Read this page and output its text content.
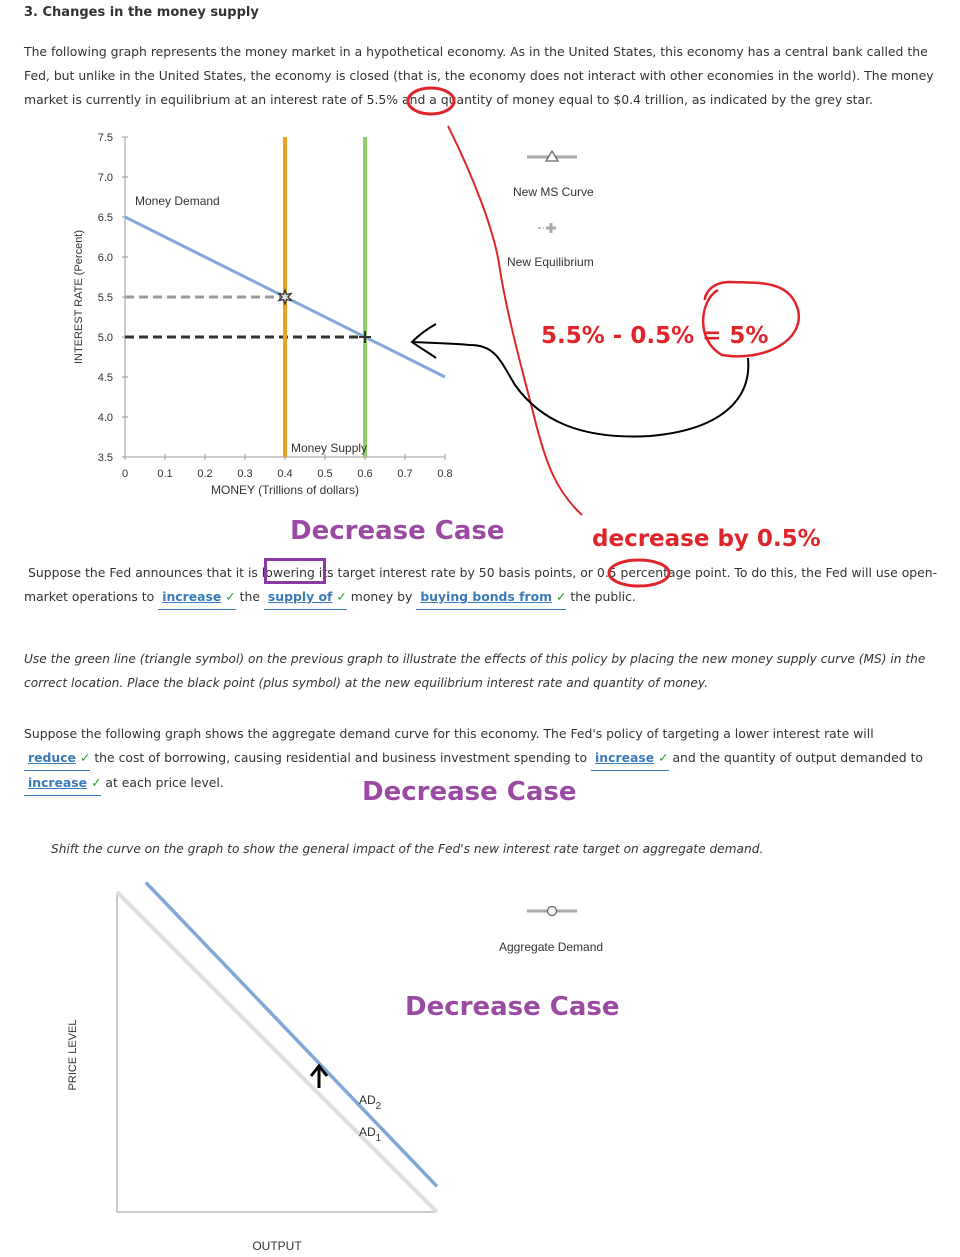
3. Changes in the money supply
The following graph represents the money market in a hypothetical economy. As in the United States, this economy has a central bank called the Fed, but unlike in the United States, the economy is closed (that is, the economy does not interact with other economies in the world). The money market is currently in equilibrium at an interest rate of 5.5% and a quantity of money equal to $0.4 trillion, as indicated by the grey star.
0	0.1 0.2 0.3 0.4 0.5 0.6 0.7 0.8
3.5
4.0
4.5
5.0
5.5
6.0
6.5
7.0
7.5
Money Demand
Money Supply
MONEY (Trillions of dollars)
INTEREST RATE (Percent)
New MS Curve
New Equilibrium
5.5% - 0.5% = 5%
decrease by 0.5%
Decrease Case
Decrease Case
Decrease Case
Suppose the Fed announces that it is lowering its target interest rate by 50 basis points, or 0.5 percentage point. To do this, the Fed will use open-market operations to increase ✓ the supply of ✓ money by buying bonds from ✓ the public.
Use the green line (triangle symbol) on the previous graph to illustrate the effects of this policy by placing the new money supply curve (MS) in the correct location. Place the black point (plus symbol) at the new equilibrium interest rate and quantity of money.
Suppose the following graph shows the aggregate demand curve for this economy. The Fed's policy of targeting a lower interest rate will reduce ✓ the cost of borrowing, causing residential and business investment spending to increase ✓ and the quantity of output demanded to increase ✓ at each price level.
Shift the curve on the graph to show the general impact of the Fed's new interest rate target on aggregate demand.
$AD_2$
$AD_1$
OUTPUT
PRICE LEVEL
Aggregate Demand
